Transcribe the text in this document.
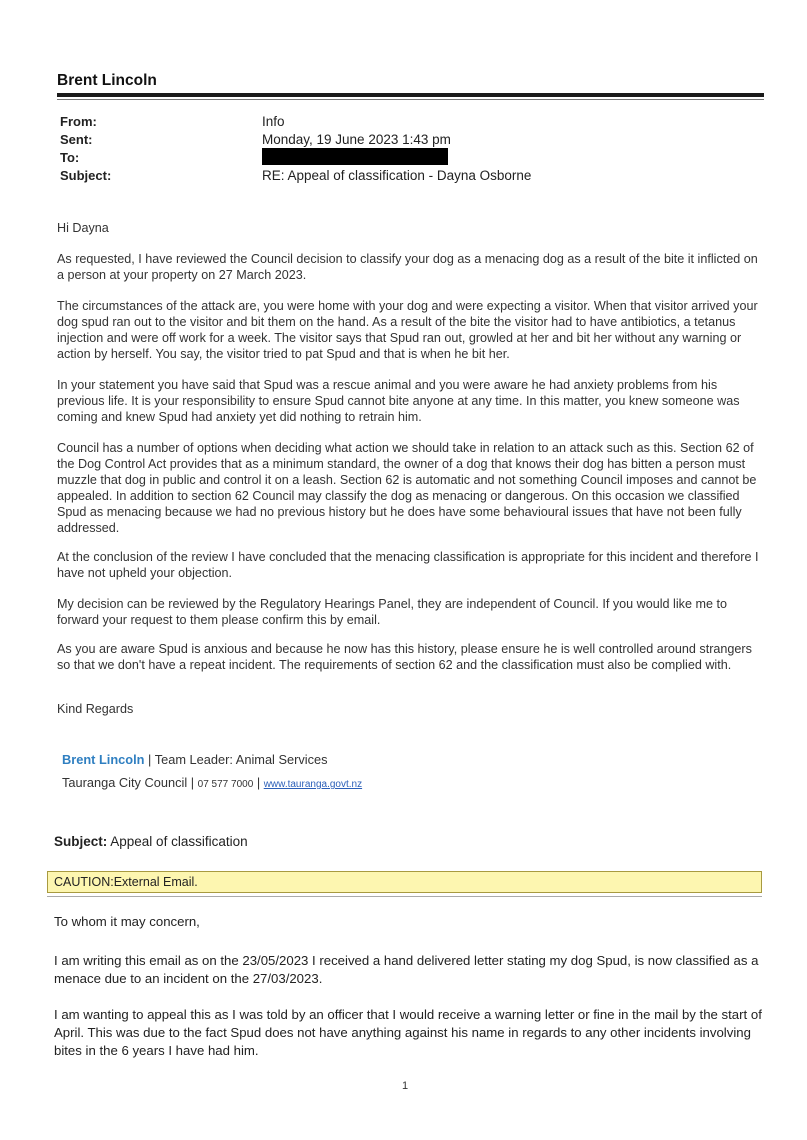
Brent Lincoln
From:	Info
Sent:	Monday, 19 June 2023 1:43 pm
To:
Subject:	RE: Appeal of classification - Dayna Osborne
Hi Dayna
As requested, I have reviewed the Council decision to classify your dog as a menacing dog as a result of the bite it inflicted on a person at your property on 27 March 2023.
The circumstances of the attack are, you were home with your dog and were expecting a visitor. When that visitor arrived your dog spud ran out to the visitor and bit them on the hand. As a result of the bite the visitor had to have antibiotics, a tetanus injection and were off work for a week. The visitor says that Spud ran out, growled at her and bit her without any warning or action by herself. You say, the visitor tried to pat Spud and that is when he bit her.
In your statement you have said that Spud was a rescue animal and you were aware he had anxiety problems from his previous life. It is your responsibility to ensure Spud cannot bite anyone at any time. In this matter, you knew someone was coming and knew Spud had anxiety yet did nothing to retrain him.
Council has a number of options when deciding what action we should take in relation to an attack such as this. Section 62 of the Dog Control Act provides that as a minimum standard, the owner of a dog that knows their dog has bitten a person must muzzle that dog in public and control it on a leash. Section 62 is automatic and not something Council imposes and cannot be appealed. In addition to section 62 Council may classify the dog as menacing or dangerous. On this occasion we classified Spud as menacing because we had no previous history but he does have some behavioural issues that have not been fully addressed.
At the conclusion of the review I have concluded that the menacing classification is appropriate for this incident and therefore I have not upheld your objection.
My decision can be reviewed by the Regulatory Hearings Panel, they are independent of Council. If you would like me to forward your request to them please confirm this by email.
As you are aware Spud is anxious and because he now has this history, please ensure he is well controlled around strangers so that we don't have a repeat incident. The requirements of section 62 and the classification must also be complied with.
Kind Regards
Brent Lincoln | Team Leader: Animal Services
Tauranga City Council | 07 577 7000 | www.tauranga.govt.nz
Subject: Appeal of classification
CAUTION:External Email.
To whom it may concern,
I am writing this email as on the 23/05/2023 I received a hand delivered letter stating my dog Spud, is now classified as a menace due to an incident on the 27/03/2023.
I am wanting to appeal this as I was told by an officer that I would receive a warning letter or fine in the mail by the start of April. This was due to the fact Spud does not have anything against his name in regards to any other incidents involving bites in the 6 years I have had him.
1
